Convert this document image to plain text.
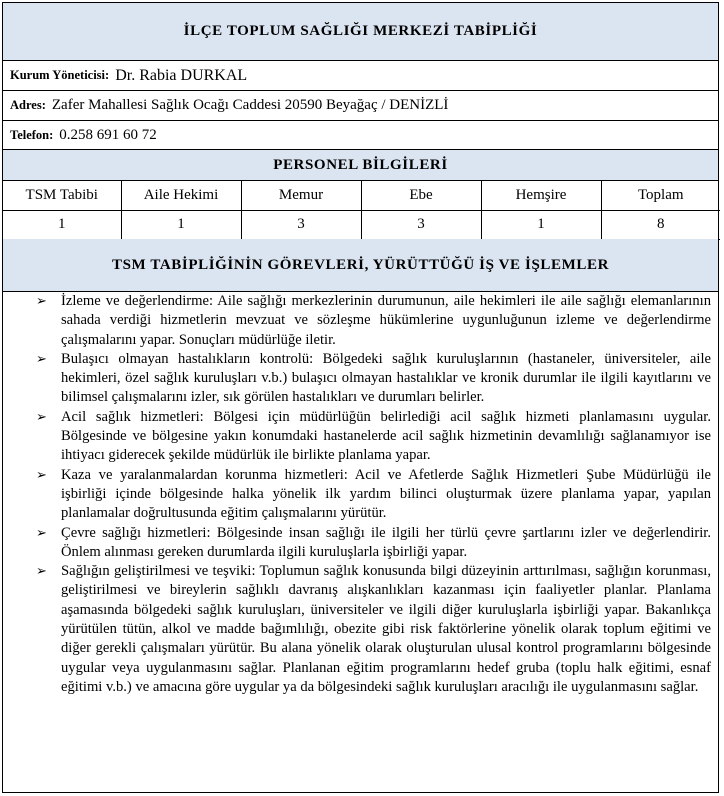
İLÇE TOPLUM SAĞLIĞI MERKEZİ TABİPLİĞİ
Kurum Yöneticisi: Dr. Rabia DURKAL
Adres: Zafer Mahallesi Sağlık Ocağı Caddesi 20590 Beyağaç / DENİZLİ
Telefon: 0.258 691 60 72
PERSONEL BİLGİLERİ
TSM Tabibi	Aile Hekimi	Memur	Ebe	Hemşire	Toplam
1	1	3	3	1	8
TSM TABİPLİĞİNİN GÖREVLERİ, YÜRÜTTÜĞÜ İŞ VE İŞLEMLER
➢ İzleme ve değerlendirme: Aile sağlığı merkezlerinin durumunun, aile hekimleri ile aile sağlığı elemanlarının sahada verdiği hizmetlerin mevzuat ve sözleşme hükümlerine uygunluğunun izleme ve değerlendirme çalışmalarını yapar. Sonuçları müdürlüğe iletir.
➢ Bulaşıcı olmayan hastalıkların kontrolü: Bölgedeki sağlık kuruluşlarının (hastaneler, üniversiteler, aile hekimleri, özel sağlık kuruluşları v.b.) bulaşıcı olmayan hastalıklar ve kronik durumlar ile ilgili kayıtlarını ve bilimsel çalışmalarını izler, sık görülen hastalıkları ve durumları belirler.
➢ Acil sağlık hizmetleri: Bölgesi için müdürlüğün belirlediği acil sağlık hizmeti planlamasını uygular. Bölgesinde ve bölgesine yakın konumdaki hastanelerde acil sağlık hizmetinin devamlılığı sağlanamıyor ise ihtiyacı giderecek şekilde müdürlük ile birlikte planlama yapar.
➢ Kaza ve yaralanmalardan korunma hizmetleri: Acil ve Afetlerde Sağlık Hizmetleri Şube Müdürlüğü ile işbirliği içinde bölgesinde halka yönelik ilk yardım bilinci oluşturmak üzere planlama yapar, yapılan planlamalar doğrultusunda eğitim çalışmalarını yürütür.
➢ Çevre sağlığı hizmetleri: Bölgesinde insan sağlığı ile ilgili her türlü çevre şartlarını izler ve değerlendirir. Önlem alınması gereken durumlarda ilgili kuruluşlarla işbirliği yapar.
➢ Sağlığın geliştirilmesi ve teşviki: Toplumun sağlık konusunda bilgi düzeyinin arttırılması, sağlığın korunması, geliştirilmesi ve bireylerin sağlıklı davranış alışkanlıkları kazanması için faaliyetler planlar. Planlama aşamasında bölgedeki sağlık kuruluşları, üniversiteler ve ilgili diğer kuruluşlarla işbirliği yapar. Bakanlıkça yürütülen tütün, alkol ve madde bağımlılığı, obezite gibi risk faktörlerine yönelik olarak toplum eğitimi ve diğer gerekli çalışmaları yürütür. Bu alana yönelik olarak oluşturulan ulusal kontrol programlarını bölgesinde uygular veya uygulanmasını sağlar. Planlanan eğitim programlarını hedef gruba (toplu halk eğitimi, esnaf eğitimi v.b.) ve amacına göre uygular ya da bölgesindeki sağlık kuruluşları aracılığı ile uygulanmasını sağlar.
